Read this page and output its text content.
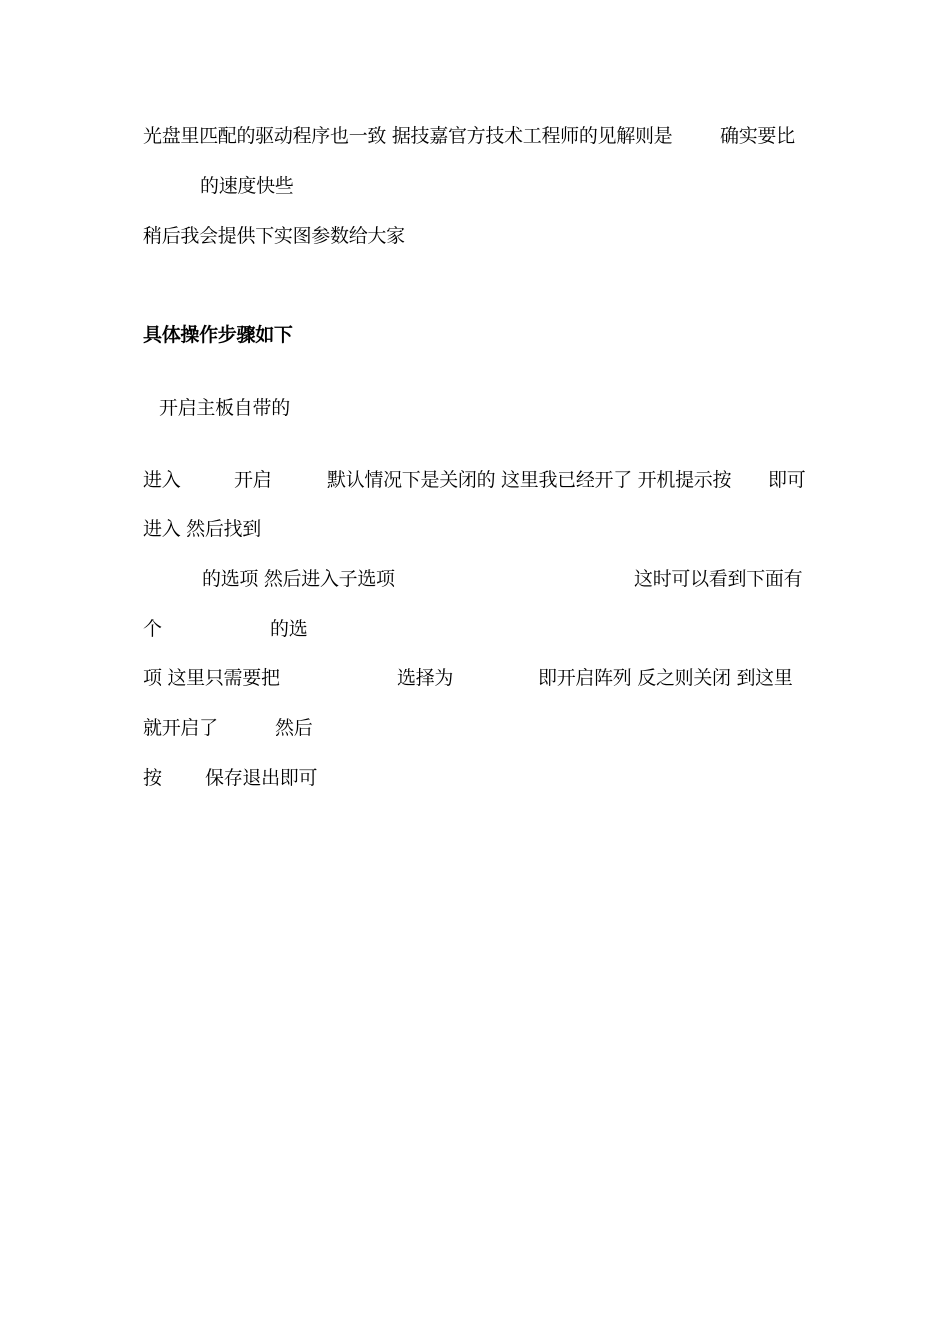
光盘里匹配的驱动程序也一致 据技嘉官方技术工程师的见解则是	确实要比
的速度快些
稍后我会提供下实图参数给大家
具体操作步骤如下
开启主板自带的
进入	开启	默认情况下是关闭的 这里我已经开了 开机提示按 即可
进入 然后找到
的选项 然后进入子选项	这时可以看到下面有
个	的选
项 这里只需要把	选择为	即开启阵列 反之则关闭 到这里
就开启了	然后
按 保存退出即可
